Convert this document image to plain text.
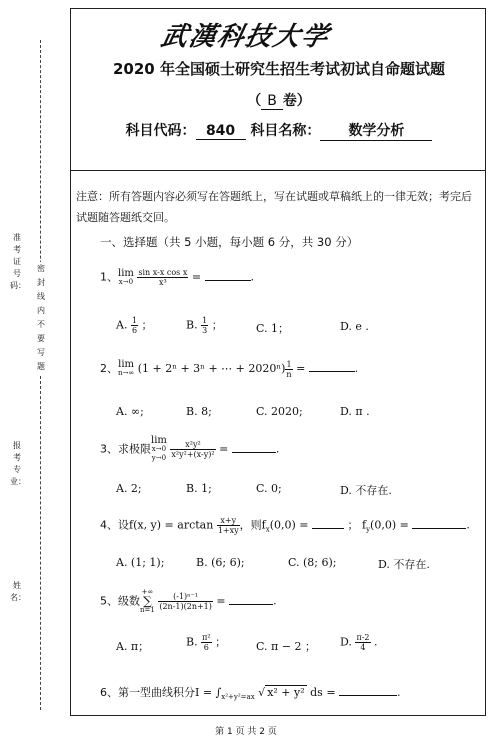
武漢科技大学
2020 年全国硕士研究生招生考试初试自命题试题
（ B 卷）
科目代码： 840 科目名称： 数学分析
注意：所有答题内容必须写在答题纸上，写在试题或草稿纸上的一律无效；考完后试题随答题纸交回。
一、选择题（共 5 小题，每小题 6 分，共 30 分）
准考证号码：
报考专业：
姓名：
密封线内不要写题
1、 lim
x→0
$\frac{\text{sin x-x cos x}}{\text{x³}}$ =	.
A. $\frac{1}{6}$ ；	B. $\frac{1}{3}$ ；	C. 1；	D. e .
2、 lim
n→∞ (1 + 2ⁿ + 3ⁿ + ⋯ + $2020^n) \frac{1}{n}$ =	.
A. ∞;	B. 8;	C. 2020;	D. π .
3、求极限
lim
x→0
y→0
$\frac{\text{x²y²}}{\text{x²y²+(x-y)²}}$ =	.
A. 2;	B. 1;	C. 0;	D. 不存在.
4、设f(x, $y) = \arctan \frac{x+y}{1+xy}$ ，则$f_x(0,0)$ =	； $f_y(0,0)$ =	.
A. (1; 1);	B. (6; 6);	C. (8; 6);	D. 不存在.
5、级数
+∞
∑
n=1
$\frac{\text{(-1)ⁿ⁻¹}}{(2n-1)(2n+1)}$ =	.
A. π；	B. $\frac{\text{π²}}{6}$ ；	C. π − 2 ； D. $\frac{\pi-2}{4}$ .
6、第一型曲线积分$I = \int_{x^2+y^2=ax}$ √ x² + y² ds =	.
第 1 页 共 2 页
